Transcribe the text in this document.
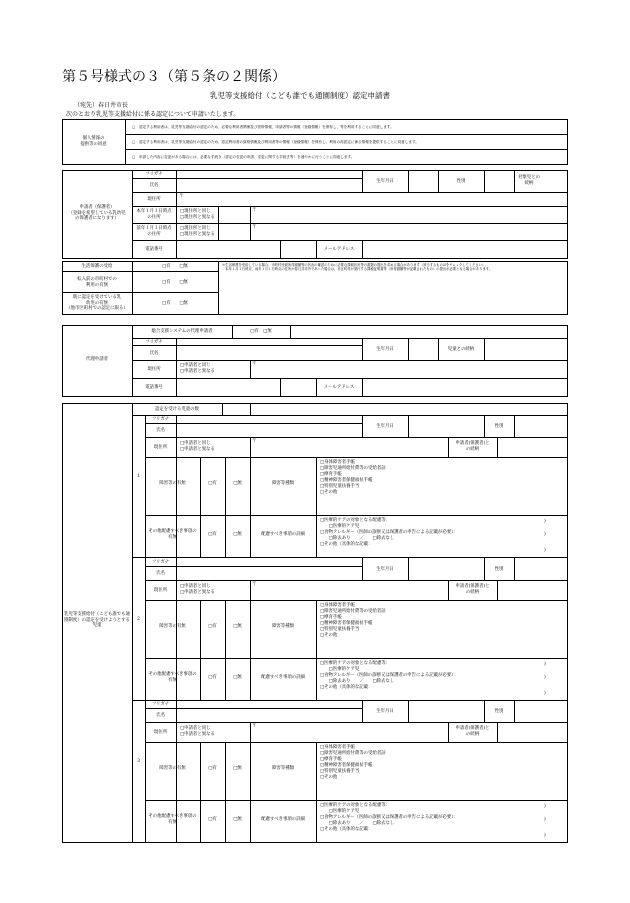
第５号様式の３（第５条の２関係）
乳児等支援給付（こども誰でも通園制度）認定申請書
（宛先）春日井市長
次のとおり乳児等支援給付に係る認定について申請いたします。
個人情報の
提供等の同意
□　認定する利用者は、乳児等支援給付の認定のため、必要な利用者関係及び世帯情報、申請者等の情報（登録情報）を保有し、等を利用することに同意します。
□　認定する利用者は、乳児等支援給付の認定のため、認定利用者の資格情報及び利用者等の情報（登録情報）を保有し、利用の再認定に係る情報を提供することに同意します。
□　申請した内容に変更がある場合には、必要な手続き（認定の変更の申請、変更に関する手続き等）を速やかに行うことに同意します。
申請者（保護者）
（登録を希望している乳幼児
の保護者になります）
フリガナ
氏名
生年月日	性別
対象児との
続柄
現住所
〒
本年１月１日時点
の住所
□現住所と同じ
□現住所と異なる
〒
前年１月１日時点
の住所
□現住所と同じ
□現住所と異なる
〒
電話番号	メールアドレス
生活保護の受給	□有　　□無
転入前の市町村での
利用の有無	□有　　□無
既に認定を受けている乳
幼児の有無
（他市区町村での認定に限る）
□有　　□無
※生活保護を受給している場合、市町村民税所得割額等の状況の確認のために必要な課税状況等の書類の提出を求める場合があります（該当するもの☑をチェックしてください）。
　本年１月１日時点、前年１月１日時点の住所が春日井市外であった場合は、市区町村が発行する課税証明書等（所得割額等が記載されたもの）の提出が必要となる場合があります。
代理申請者
総合支援システムの代理申請者	□有　□無
フリガナ
氏名
生年月日	児童との続柄
現住所
□申請者と同じ
□申請者と異なる
〒
電話番号	メールアドレス
認定を受ける児童の数
乳児等支援給付（こども誰でも通
園制度）の認定を受けようとする
児童
1
フリガナ
氏名
生年月日	性別
現住所
□申請者と同じ
□申請者と異なる
〒	申請者(保護者)と
の続柄
障害等の有無	□有	□無	障害等種類
□身体障害者手帳
□障害児通所給付費等の受給者証
□療育手帳
□精神障害者保健福祉手帳
□特別児童扶養手当
□その他
その他配慮すべき事項の
有無	□有	□無	配慮すべき事項の詳細
□医療的ケアの対象となる配慮等：
　　□医療的ケア児
□食物アレルギー（医師の診断又は保護者の申告による記載が必要）：
　　□除去あり　　／　　□除去なし
□その他（具体的な記載：
)
)
)
2
フリガナ
氏名
生年月日	性別
現住所
□申請者と同じ
□申請者と異なる
〒	申請者(保護者)と
の続柄
障害等の有無	□有	□無	障害等種類
□身体障害者手帳
□障害児通所給付費等の受給者証
□療育手帳
□精神障害者保健福祉手帳
□特別児童扶養手当
□その他
その他配慮すべき事項の
有無	□有	□無	配慮すべき事項の詳細
□医療的ケアの対象となる配慮等：
　　□医療的ケア児
□食物アレルギー（医師の診断又は保護者の申告による記載が必要）：
　　□除去あり　　／　　□除去なし
□その他（具体的な記載：
)
)
)
3
フリガナ
氏名
生年月日	性別
現住所
□申請者と同じ
□申請者と異なる
〒	申請者(保護者)と
の続柄
障害等の有無	□有	□無	障害等種類
□身体障害者手帳
□障害児通所給付費等の受給者証
□療育手帳
□精神障害者保健福祉手帳
□特別児童扶養手当
□その他
その他配慮すべき事項の
有無	□有	□無	配慮すべき事項の詳細
□医療的ケアの対象となる配慮等：
　　□医療的ケア児
□食物アレルギー（医師の診断又は保護者の申告による記載が必要）：
　　□除去あり　　／　　□除去なし
□その他（具体的な記載：
)
)
)
